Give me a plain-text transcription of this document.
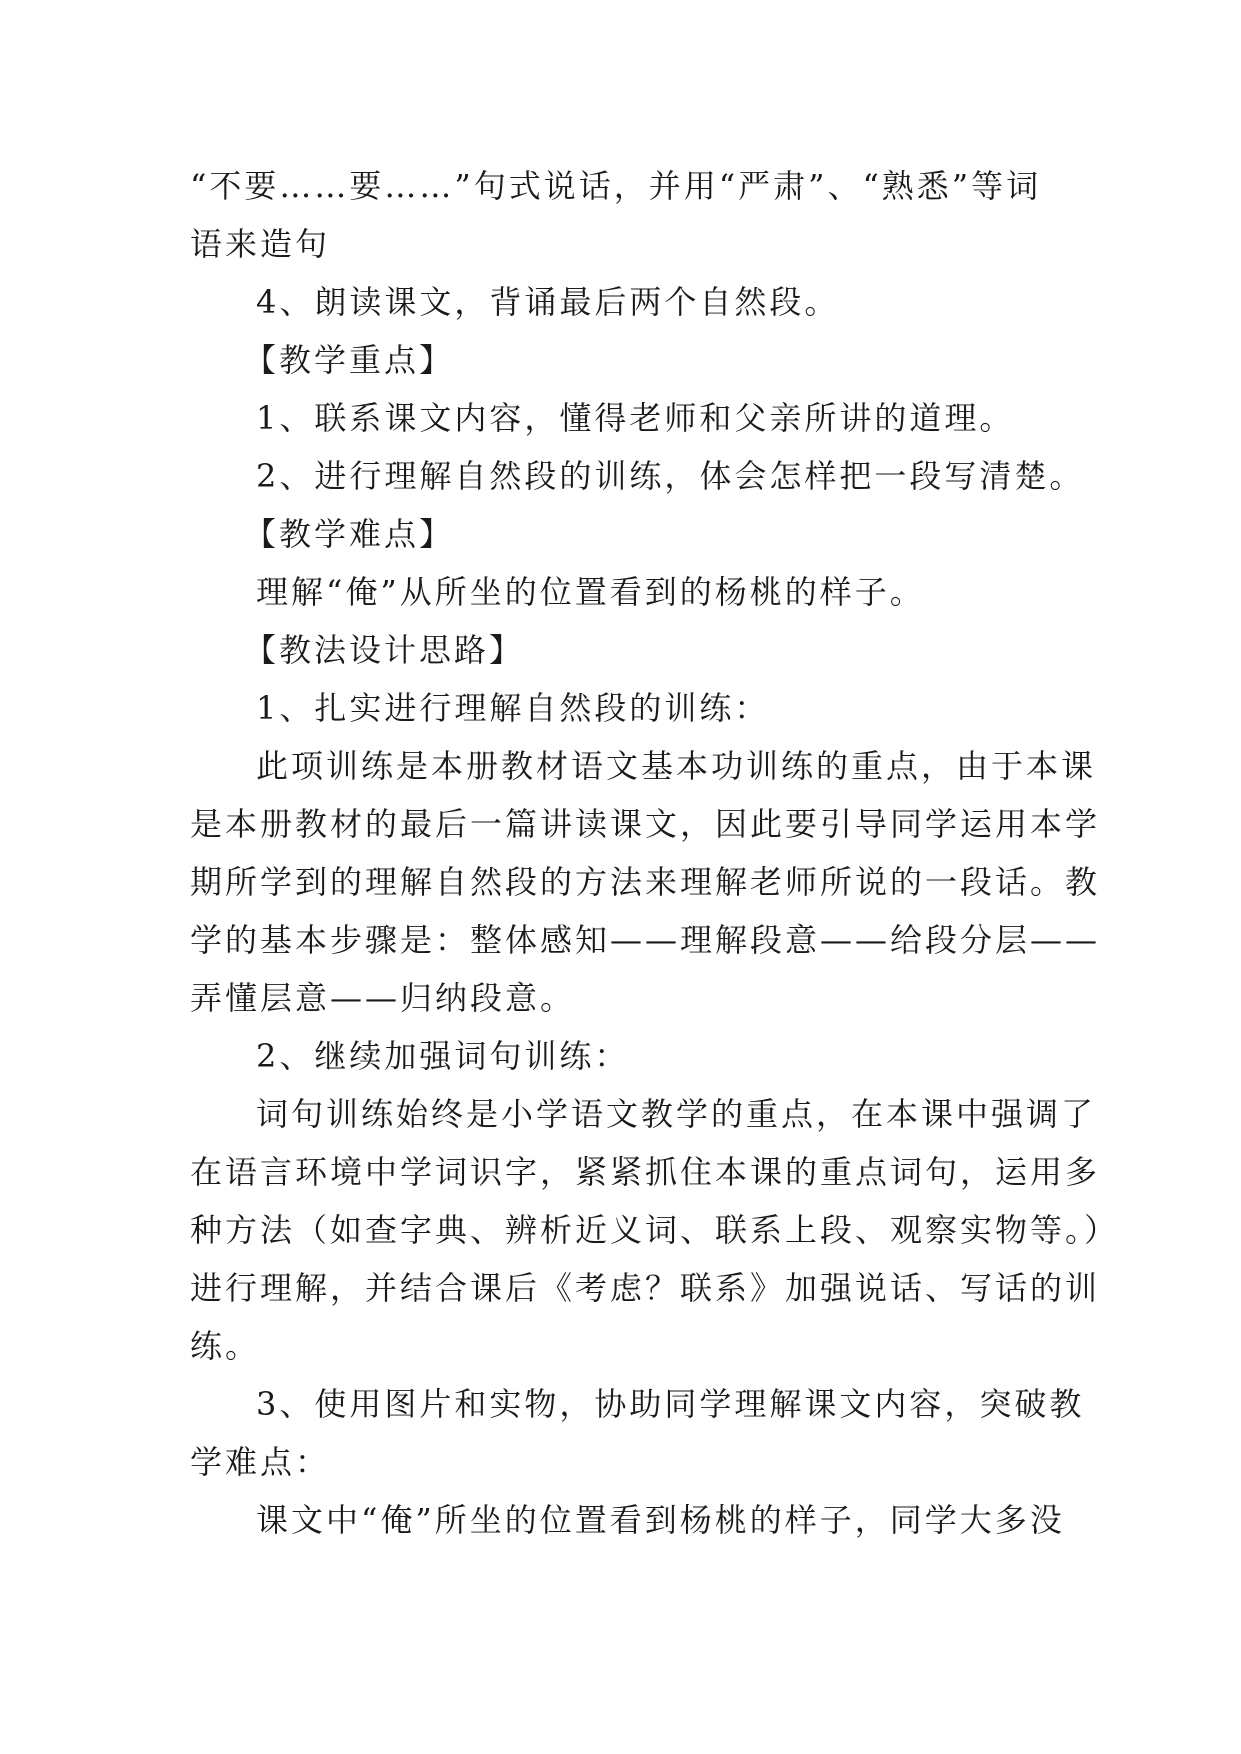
“不要……要……”句式说话，并用“严肃”、“熟悉”等词

语来造句

4、朗读课文，背诵最后两个自然段。

【教学重点】

1、联系课文内容，懂得老师和父亲所讲的道理。

2、进行理解自然段的训练，体会怎样把一段写清楚。

【教学难点】

理解“俺”从所坐的位置看到的杨桃的样子。

【教法设计思路】

1、扎实进行理解自然段的训练：

此项训练是本册教材语文基本功训练的重点，由于本课

是本册教材的最后一篇讲读课文，因此要引导同学运用本学

期所学到的理解自然段的方法来理解老师所说的一段话。教

学的基本步骤是：整体感知——理解段意——给段分层——

弄懂层意——归纳段意。

2、继续加强词句训练：

词句训练始终是小学语文教学的重点，在本课中强调了

在语言环境中学词识字，紧紧抓住本课的重点词句，运用多

种方法（如查字典、辨析近义词、联系上段、观察实物等。）

进行理解，并结合课后《考虑？联系》加强说话、写话的训

练。

3、使用图片和实物，协助同学理解课文内容，突破教

学难点：

课文中“俺”所坐的位置看到杨桃的样子，同学大多没
